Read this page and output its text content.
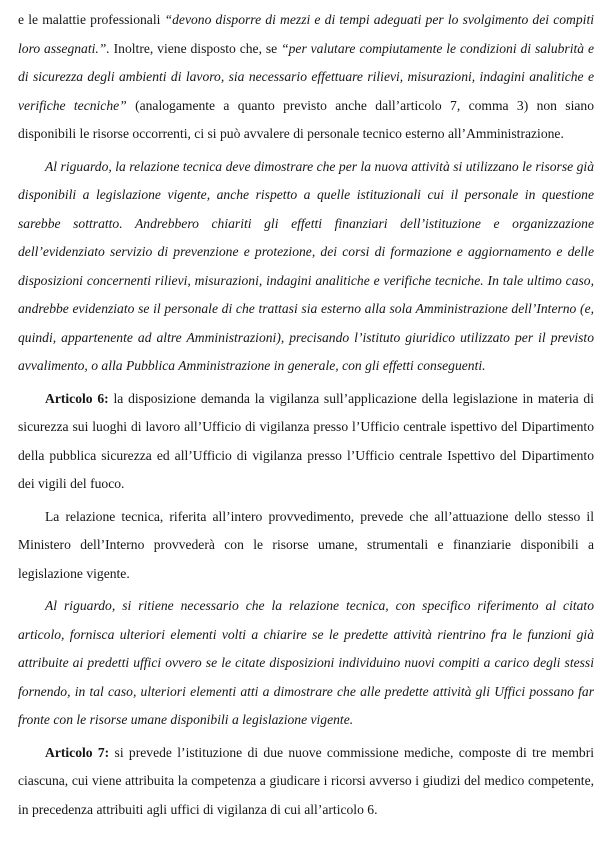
e le malattie professionali “devono disporre di mezzi e di tempi adeguati per lo svolgimento dei compiti loro assegnati.”. Inoltre, viene disposto che, se “per valutare compiutamente le condizioni di salubrità e di sicurezza degli ambienti di lavoro, sia necessario effettuare rilievi, misurazioni, indagini analitiche e verifiche tecniche” (analogamente a quanto previsto anche dall’articolo 7, comma 3) non siano disponibili le risorse occorrenti, ci si può avvalere di personale tecnico esterno all’Amministrazione.

Al riguardo, la relazione tecnica deve dimostrare che per la nuova attività si utilizzano le risorse già disponibili a legislazione vigente, anche rispetto a quelle istituzionali cui il personale in questione sarebbe sottratto. Andrebbero chiariti gli effetti finanziari dell’istituzione e organizzazione dell’evidenziato servizio di prevenzione e protezione, dei corsi di formazione e aggiornamento e delle disposizioni concernenti rilievi, misurazioni, indagini analitiche e verifiche tecniche. In tale ultimo caso, andrebbe evidenziato se il personale di che trattasi sia esterno alla sola Amministrazione dell’Interno (e, quindi, appartenente ad altre Amministrazioni), precisando l’istituto giuridico utilizzato per il previsto avvalimento, o alla Pubblica Amministrazione in generale, con gli effetti conseguenti.

Articolo 6: la disposizione demanda la vigilanza sull’applicazione della legislazione in materia di sicurezza sui luoghi di lavoro all’Ufficio di vigilanza presso l’Ufficio centrale ispettivo del Dipartimento della pubblica sicurezza ed all’Ufficio di vigilanza presso l’Ufficio centrale Ispettivo del Dipartimento dei vigili del fuoco.

La relazione tecnica, riferita all’intero provvedimento, prevede che all’attuazione dello stesso il Ministero dell’Interno provvederà con le risorse umane, strumentali e finanziarie disponibili a legislazione vigente.

Al riguardo, si ritiene necessario che la relazione tecnica, con specifico riferimento al citato articolo, fornisca ulteriori elementi volti a chiarire se le predette attività rientrino fra le funzioni già attribuite ai predetti uffici ovvero se le citate disposizioni individuino nuovi compiti a carico degli stessi fornendo, in tal caso, ulteriori elementi atti a dimostrare che alle predette attività gli Uffici possano far fronte con le risorse umane disponibili a legislazione vigente.

Articolo 7: si prevede l’istituzione di due nuove commissione mediche, composte di tre membri ciascuna, cui viene attribuita la competenza a giudicare i ricorsi avverso i giudizi del medico competente, in precedenza attribuiti agli uffici di vigilanza di cui all’articolo 6.
